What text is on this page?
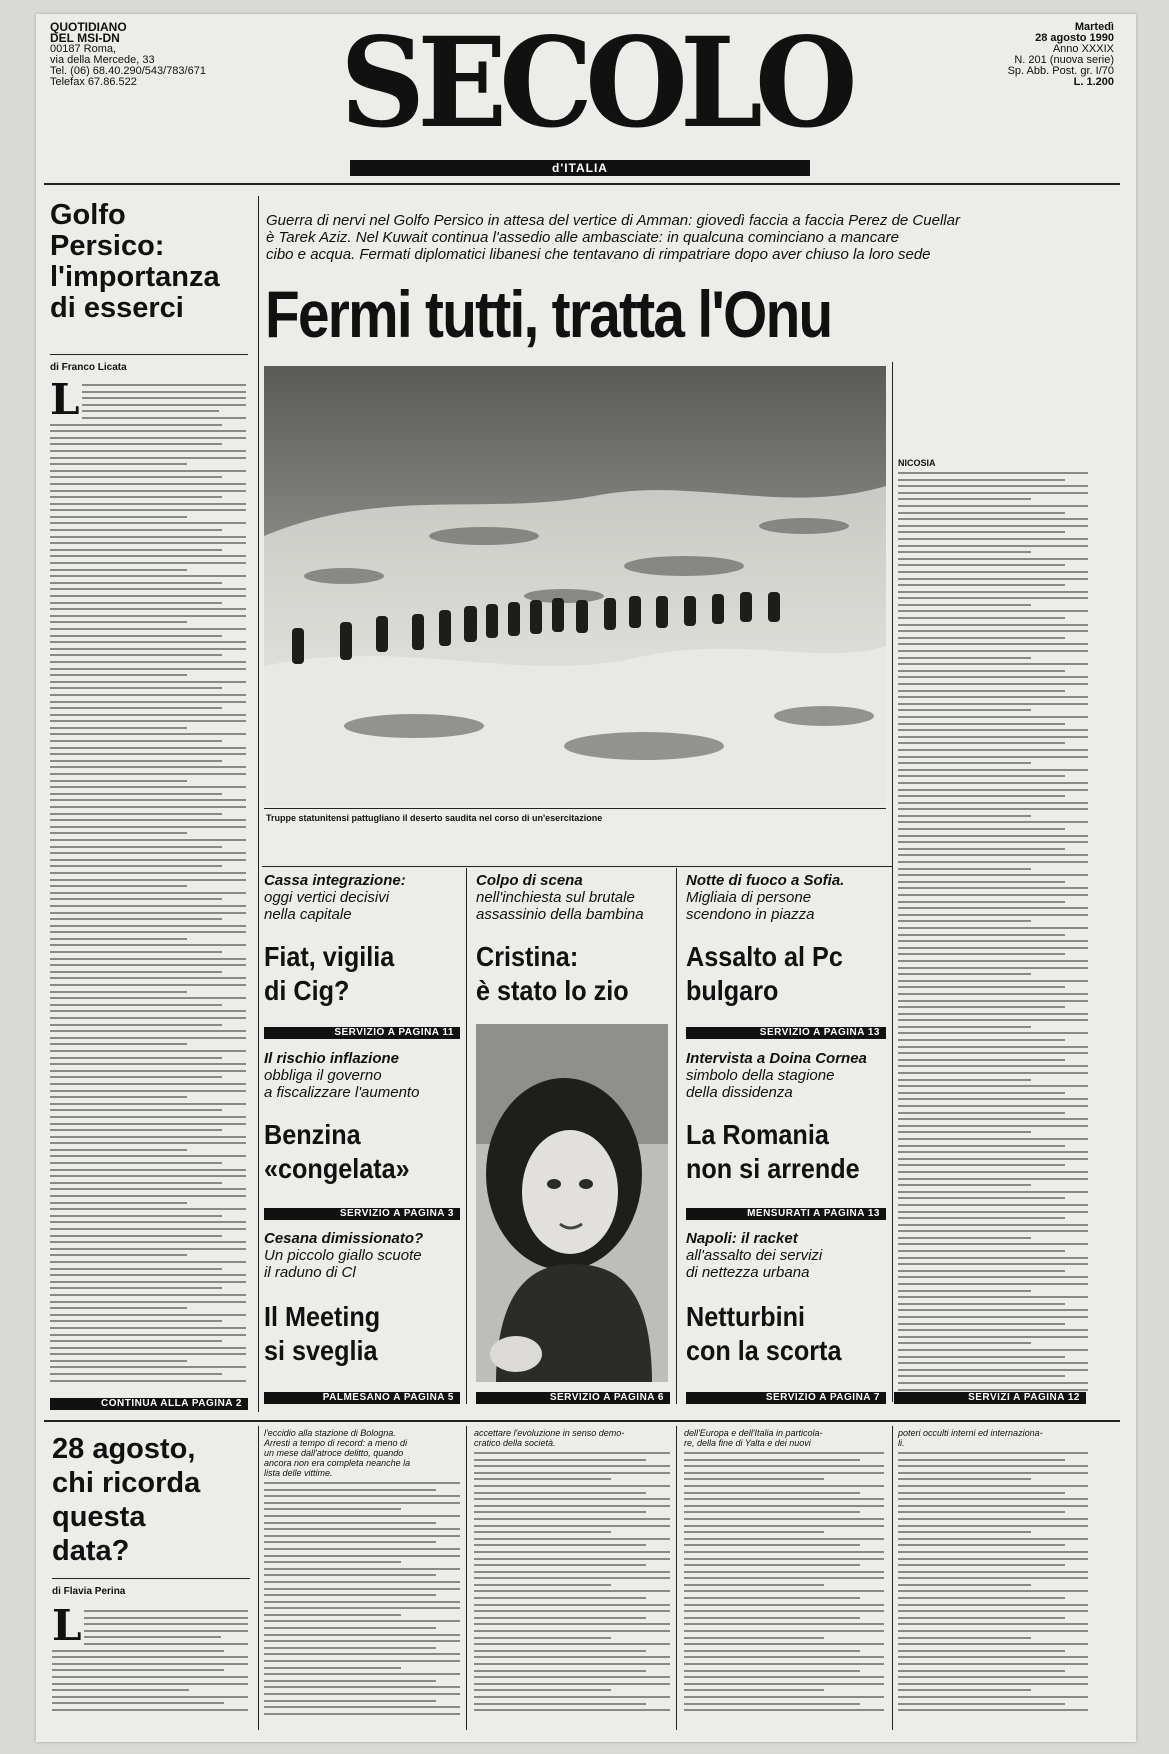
QUOTIDIANO
DEL MSI-DN
00187 Roma,
via della Mercede, 33
Tel. (06) 68.40.290/543/783/671
Telefax 67.86.522	SECOLO
d'ITALIA
Martedì
28 agosto 1990
Anno XXXIX
N. 201 (nuova serie)
Sp. Abb. Post. gr. I/70
L. 1.200
Golfo
Persico:
l'importanza
di esserci
di Franco Licata
L
CONTINUA ALLA PAGINA 2
Guerra di nervi nel Golfo Persico in attesa del vertice di Amman: giovedì faccia a faccia Perez de Cuellar
è Tarek Aziz. Nel Kuwait continua l'assedio alle ambasciate: in qualcuna cominciano a mancare
cibo e acqua. Fermati diplomatici libanesi che tentavano di rimpatriare dopo aver chiuso la loro sede
Fermi tutti, tratta l'Onu
Truppe statunitensi pattugliano il deserto saudita nel corso di un'esercitazione
NICOSIA
SERVIZI A PAGINA 12
Cassa integrazione:
oggi vertici decisivi
nella capitale
Fiat, vigilia
di Cig?
SERVIZIO A PAGINA 11
Il rischio inflazione
obbliga il governo
a fiscalizzare l'aumento
Benzina
«congelata»
SERVIZIO A PAGINA 3
Cesana dimissionato?
Un piccolo giallo scuote
il raduno di Cl
Il Meeting
si sveglia
PALMESANO A PAGINA 5
Colpo di scena
nell'inchiesta sul brutale
assassinio della bambina
Cristina:
è stato lo zio
SERVIZIO A PAGINA 6
Notte di fuoco a Sofia.
Migliaia di persone
scendono in piazza
Assalto al Pc
bulgaro
SERVIZIO A PAGINA 13
Intervista a Doina Cornea
simbolo della stagione
della dissidenza
La Romania
non si arrende
MENSURATI A PAGINA 13
Napoli: il racket
all'assalto dei servizi
di nettezza urbana
Netturbini
con la scorta
SERVIZIO A PAGINA 7
28 agosto,
chi ricorda
questa
data?
di Flavia Perina
L
l'eccidio alla stazione di Bologna.
Arresti a tempo di record: a meno di
un mese dall'atroce delitto, quando
ancora non era completa neanche la
lista delle vittime.
accettare l'evoluzione in senso demo-
cratico della società.
dell'Europa e dell'Italia in particola-
re, della fine di Yalta e dei nuovi
poteri occulti interni ed internaziona-
li.
